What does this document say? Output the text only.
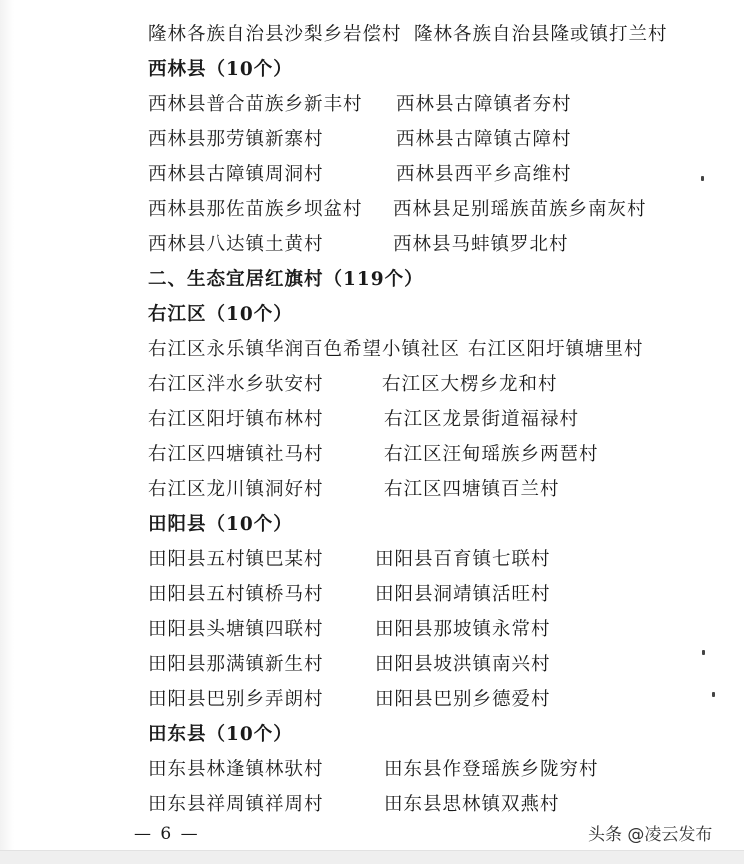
隆林各族自治县沙梨乡岩偿村 隆林各族自治县隆或镇打兰村
西林县（10个）
西林县普合苗族乡新丰村 西林县古障镇者夯村
西林县那劳镇新寨村	西林县古障镇古障村
西林县古障镇周洞村	西林县西平乡高维村
西林县那佐苗族乡坝盆村 西林县足别瑶族苗族乡南灰村
西林县八达镇土黄村	西林县马蚌镇罗北村
二、生态宜居红旗村（119个）
右江区（10个）
右江区永乐镇华润百色希望小镇社区 右江区阳圩镇塘里村
右江区泮水乡驮安村	右江区大楞乡龙和村
右江区阳圩镇布林村	右江区龙景街道福禄村
右江区四塘镇社马村	右江区汪甸瑶族乡两琶村
右江区龙川镇洞好村	右江区四塘镇百兰村
田阳县（10个）
田阳县五村镇巴某村	田阳县百育镇七联村
田阳县五村镇桥马村	田阳县洞靖镇活旺村
田阳县头塘镇四联村	田阳县那坡镇永常村
田阳县那满镇新生村	田阳县坡洪镇南兴村
田阳县巴别乡弄朗村	田阳县巴别乡德爱村
田东县（10个）
田东县林逢镇林驮村	田东县作登瑶族乡陇穷村
田东县祥周镇祥周村	田东县思林镇双燕村
— 6 —	头条 @凌云发布
